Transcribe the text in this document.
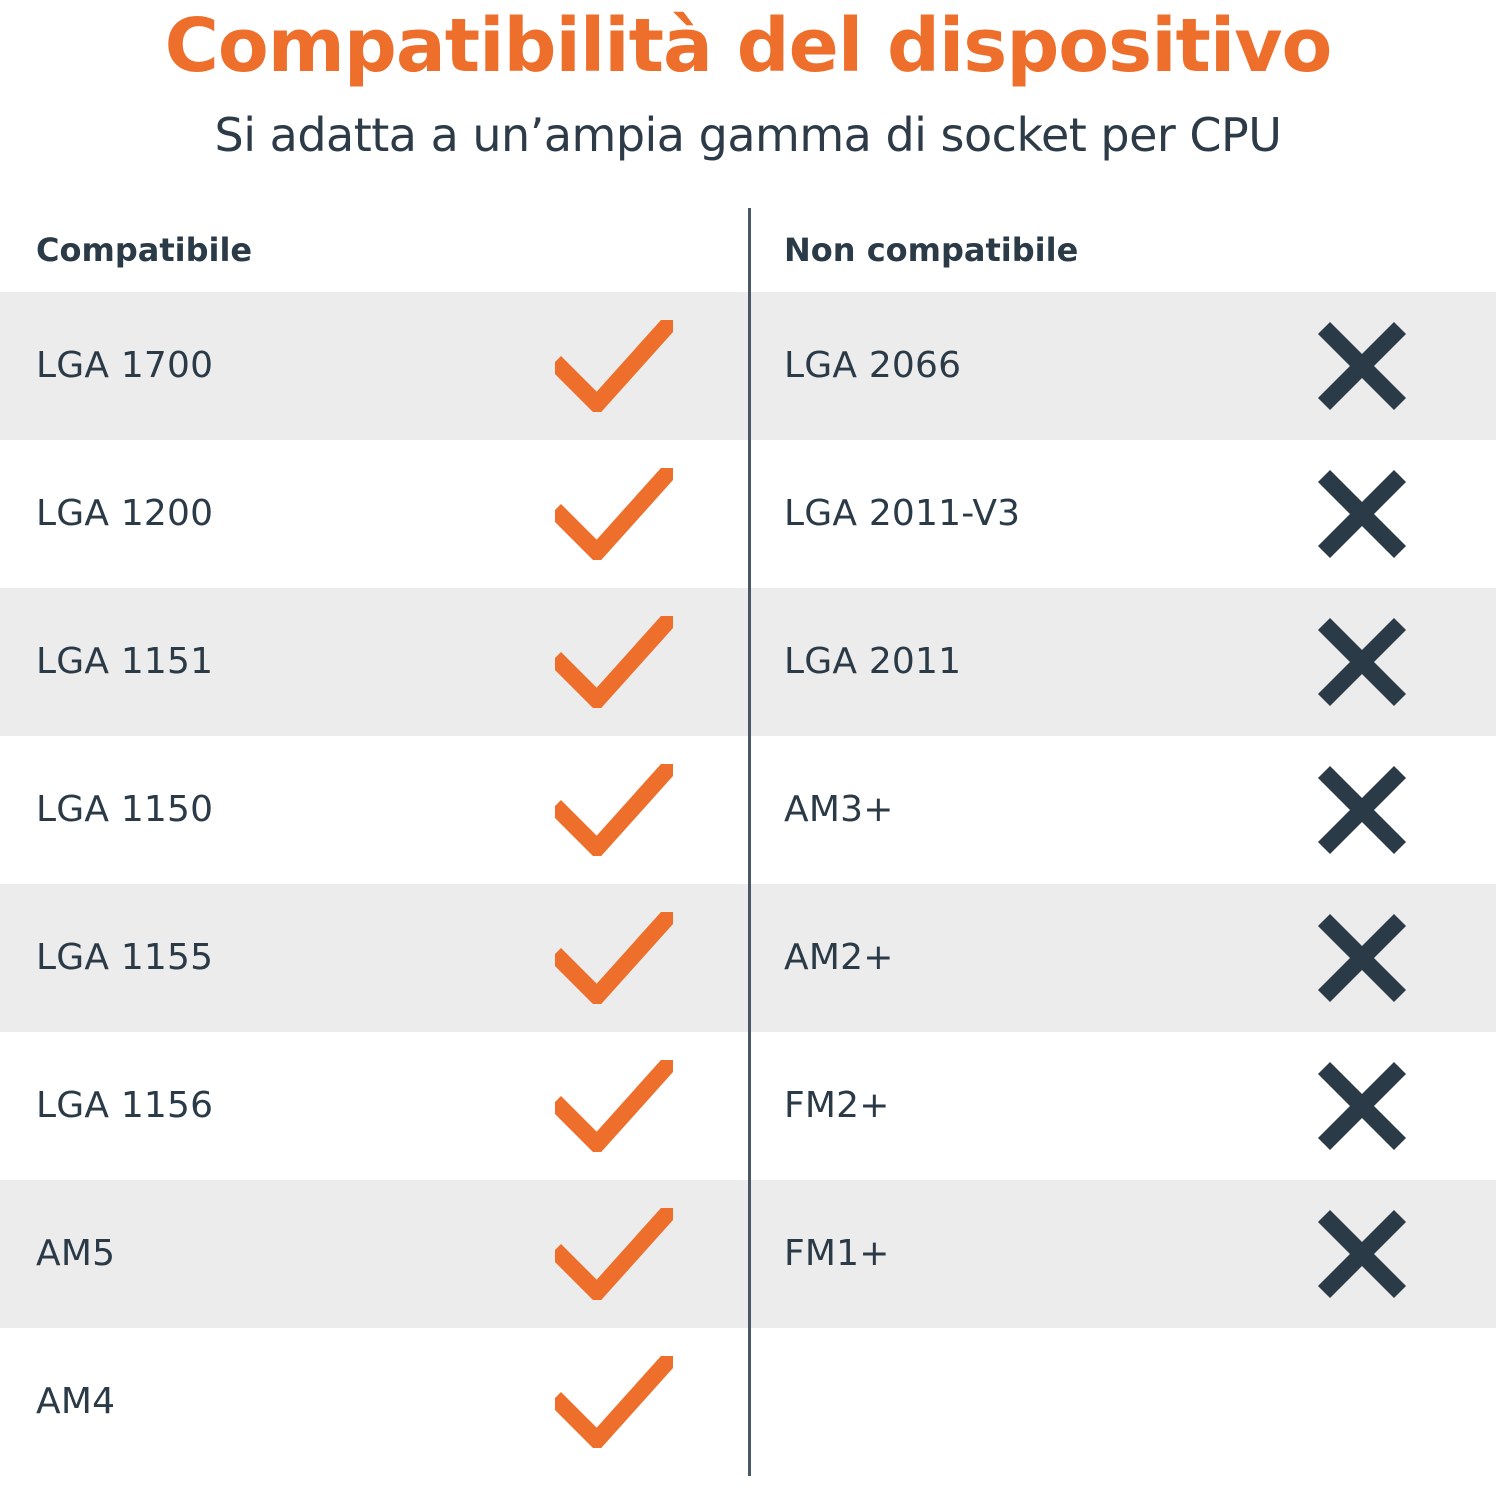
Compatibilità del dispositivo
Si adatta a un’ampia gamma di socket per CPU
Compatibile	Non compatibile
LGA 1700	LGA 2066
LGA 1200	LGA 2011-V3
LGA 1151	LGA 2011
LGA 1150	AM3+
LGA 1155	AM2+
LGA 1156	FM2+
AM5	FM1+
AM4
